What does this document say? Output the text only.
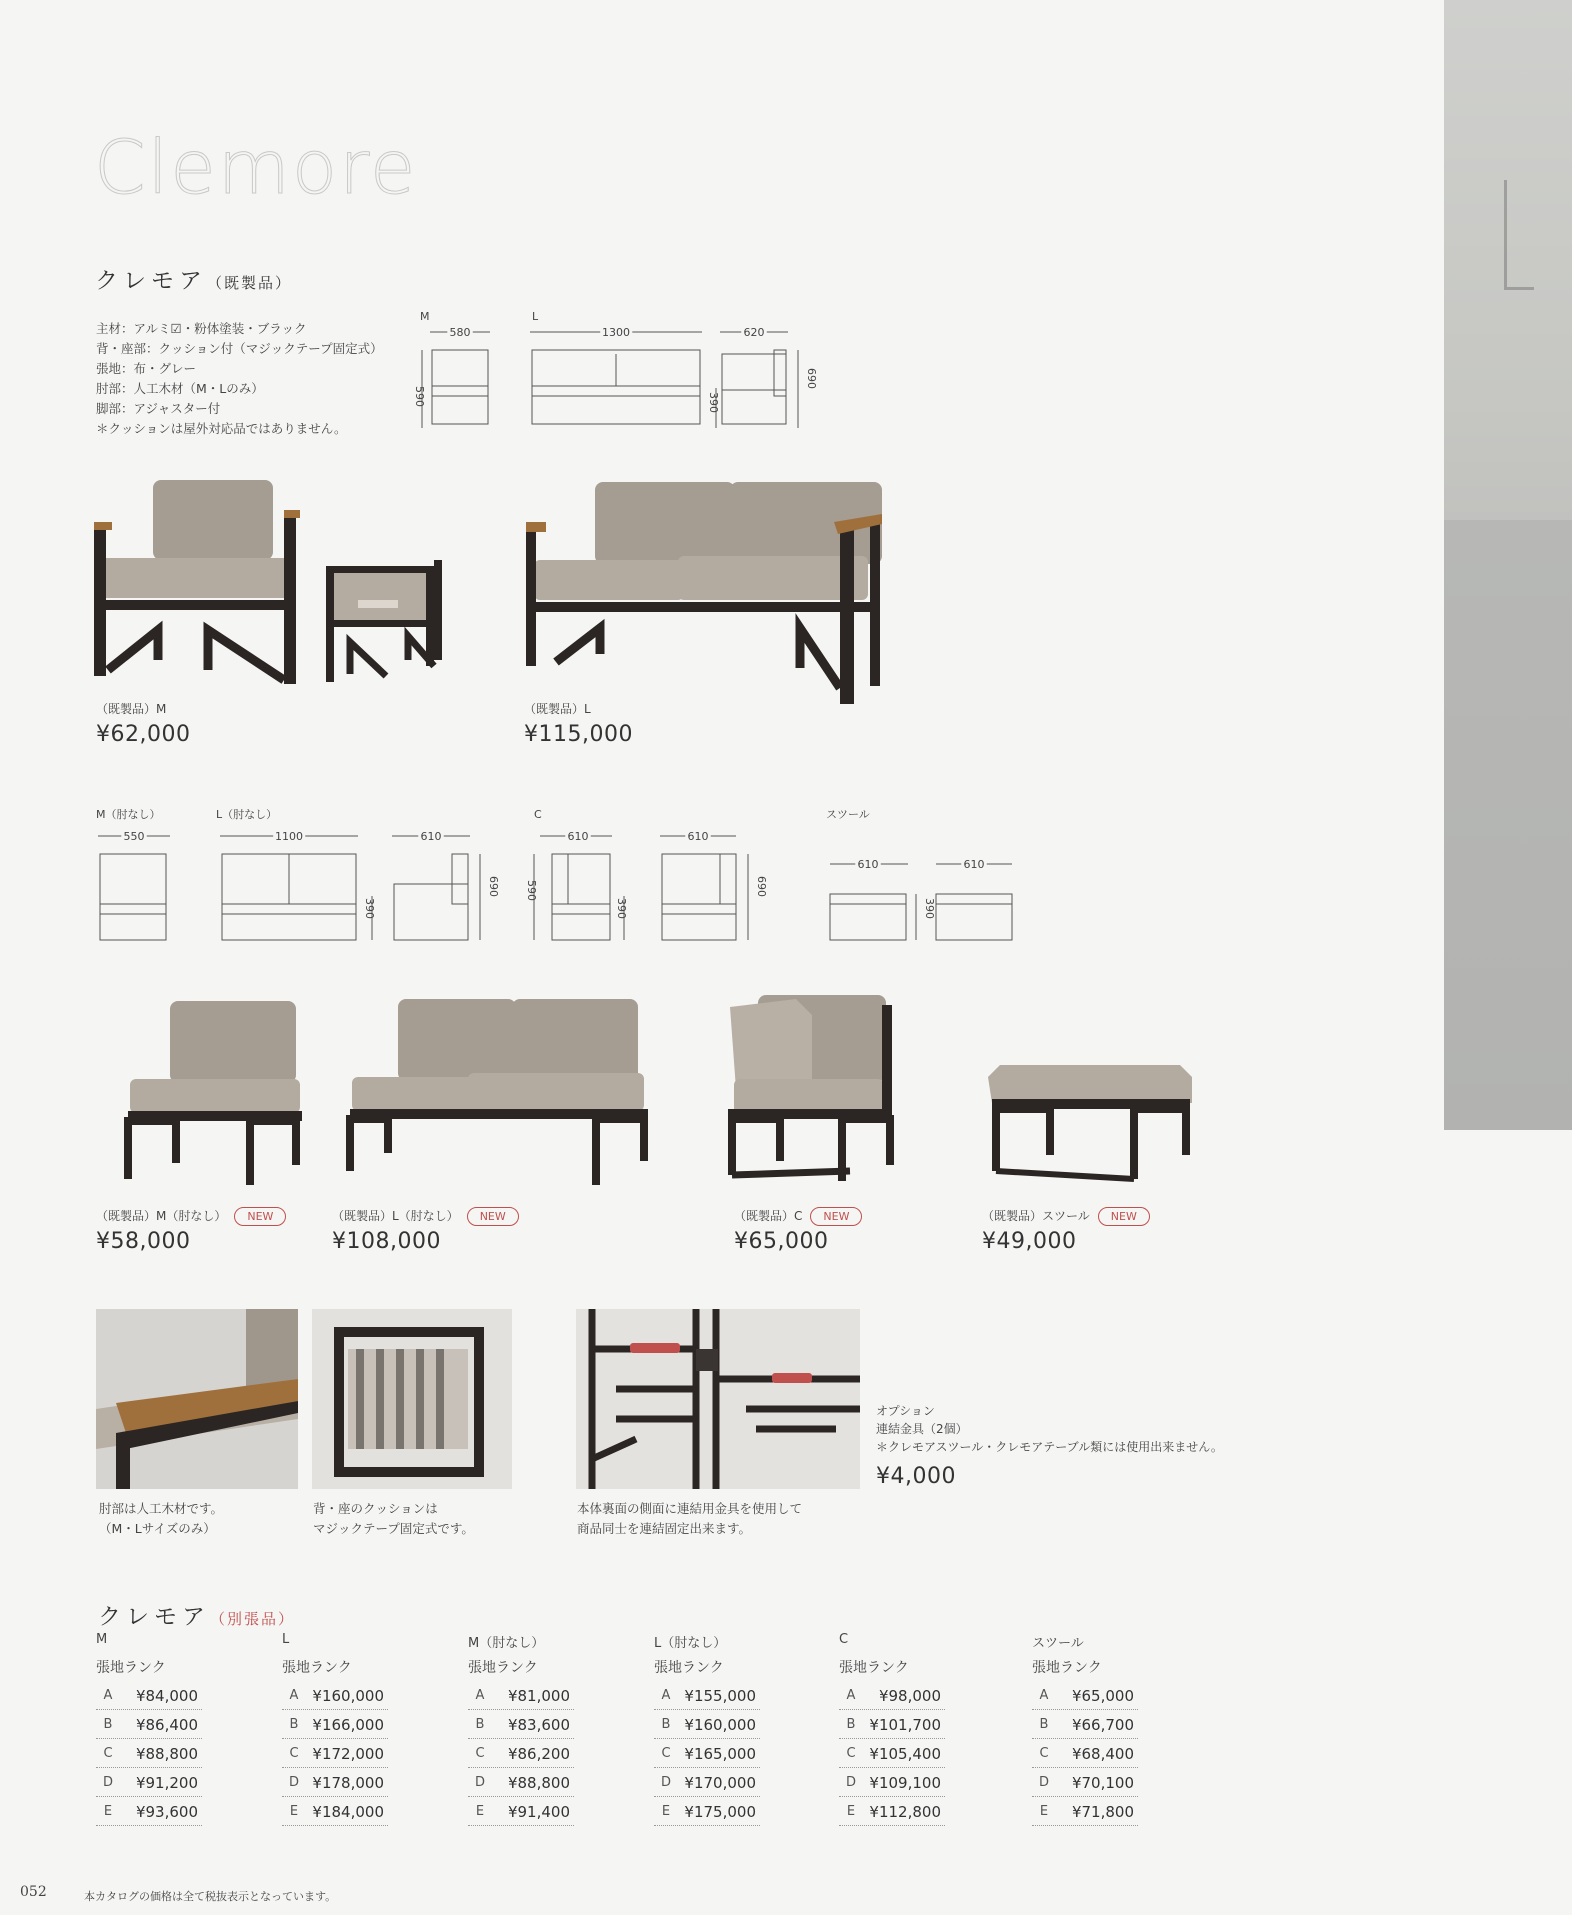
Clemore
クレモア（既製品）
主材：アルミ☑・粉体塗装・ブラック
背・座部：クッション付（マジックテープ固定式）
張地：布・グレー
肘部：人工木材（M・Lのみ）
脚部：アジャスター付
＊クッションは屋外対応品ではありません。
M
580
590
L
1300
390
620
690
（既製品）M
¥62,000
（既製品）L
¥115,000
M（肘なし）
550
L（肘なし）
1100	610
390
690
C
610
590
390
610
690
スツール
610
390
610
（既製品）M（肘なし） NEW
¥58,000
（既製品）L（肘なし） NEW
¥108,000
（既製品）C NEW
¥65,000
（既製品）スツール NEW
¥49,000
肘部は人工木材です。
（M・Lサイズのみ）
背・座のクッションは
マジックテープ固定式です。
本体裏面の側面に連結用金具を使用して
商品同士を連結固定出来ます。
オプション
連結金具（2個）
＊クレモアスツール・クレモアテーブル類には使用出来ません。
¥4,000
クレモア（別張品）
M
張地ランク
A	¥84,000
B	¥86,400
C	¥88,800
D	¥91,200
E	¥93,600
L
張地ランク
A ¥160,000
B ¥166,000
C ¥172,000
D ¥178,000
E ¥184,000
M（肘なし）
張地ランク
A	¥81,000
B	¥83,600
C	¥86,200
D	¥88,800
E	¥91,400
L（肘なし）
張地ランク
A ¥155,000
B ¥160,000
C ¥165,000
D ¥170,000
E ¥175,000
C
張地ランク
A	¥98,000
B ¥101,700
C ¥105,400
D ¥109,100
E ¥112,800
スツール
張地ランク
A	¥65,000
B	¥66,700
C	¥68,400
D	¥70,100
E	¥71,800
052	本カタログの価格は全て税抜表示となっています。
